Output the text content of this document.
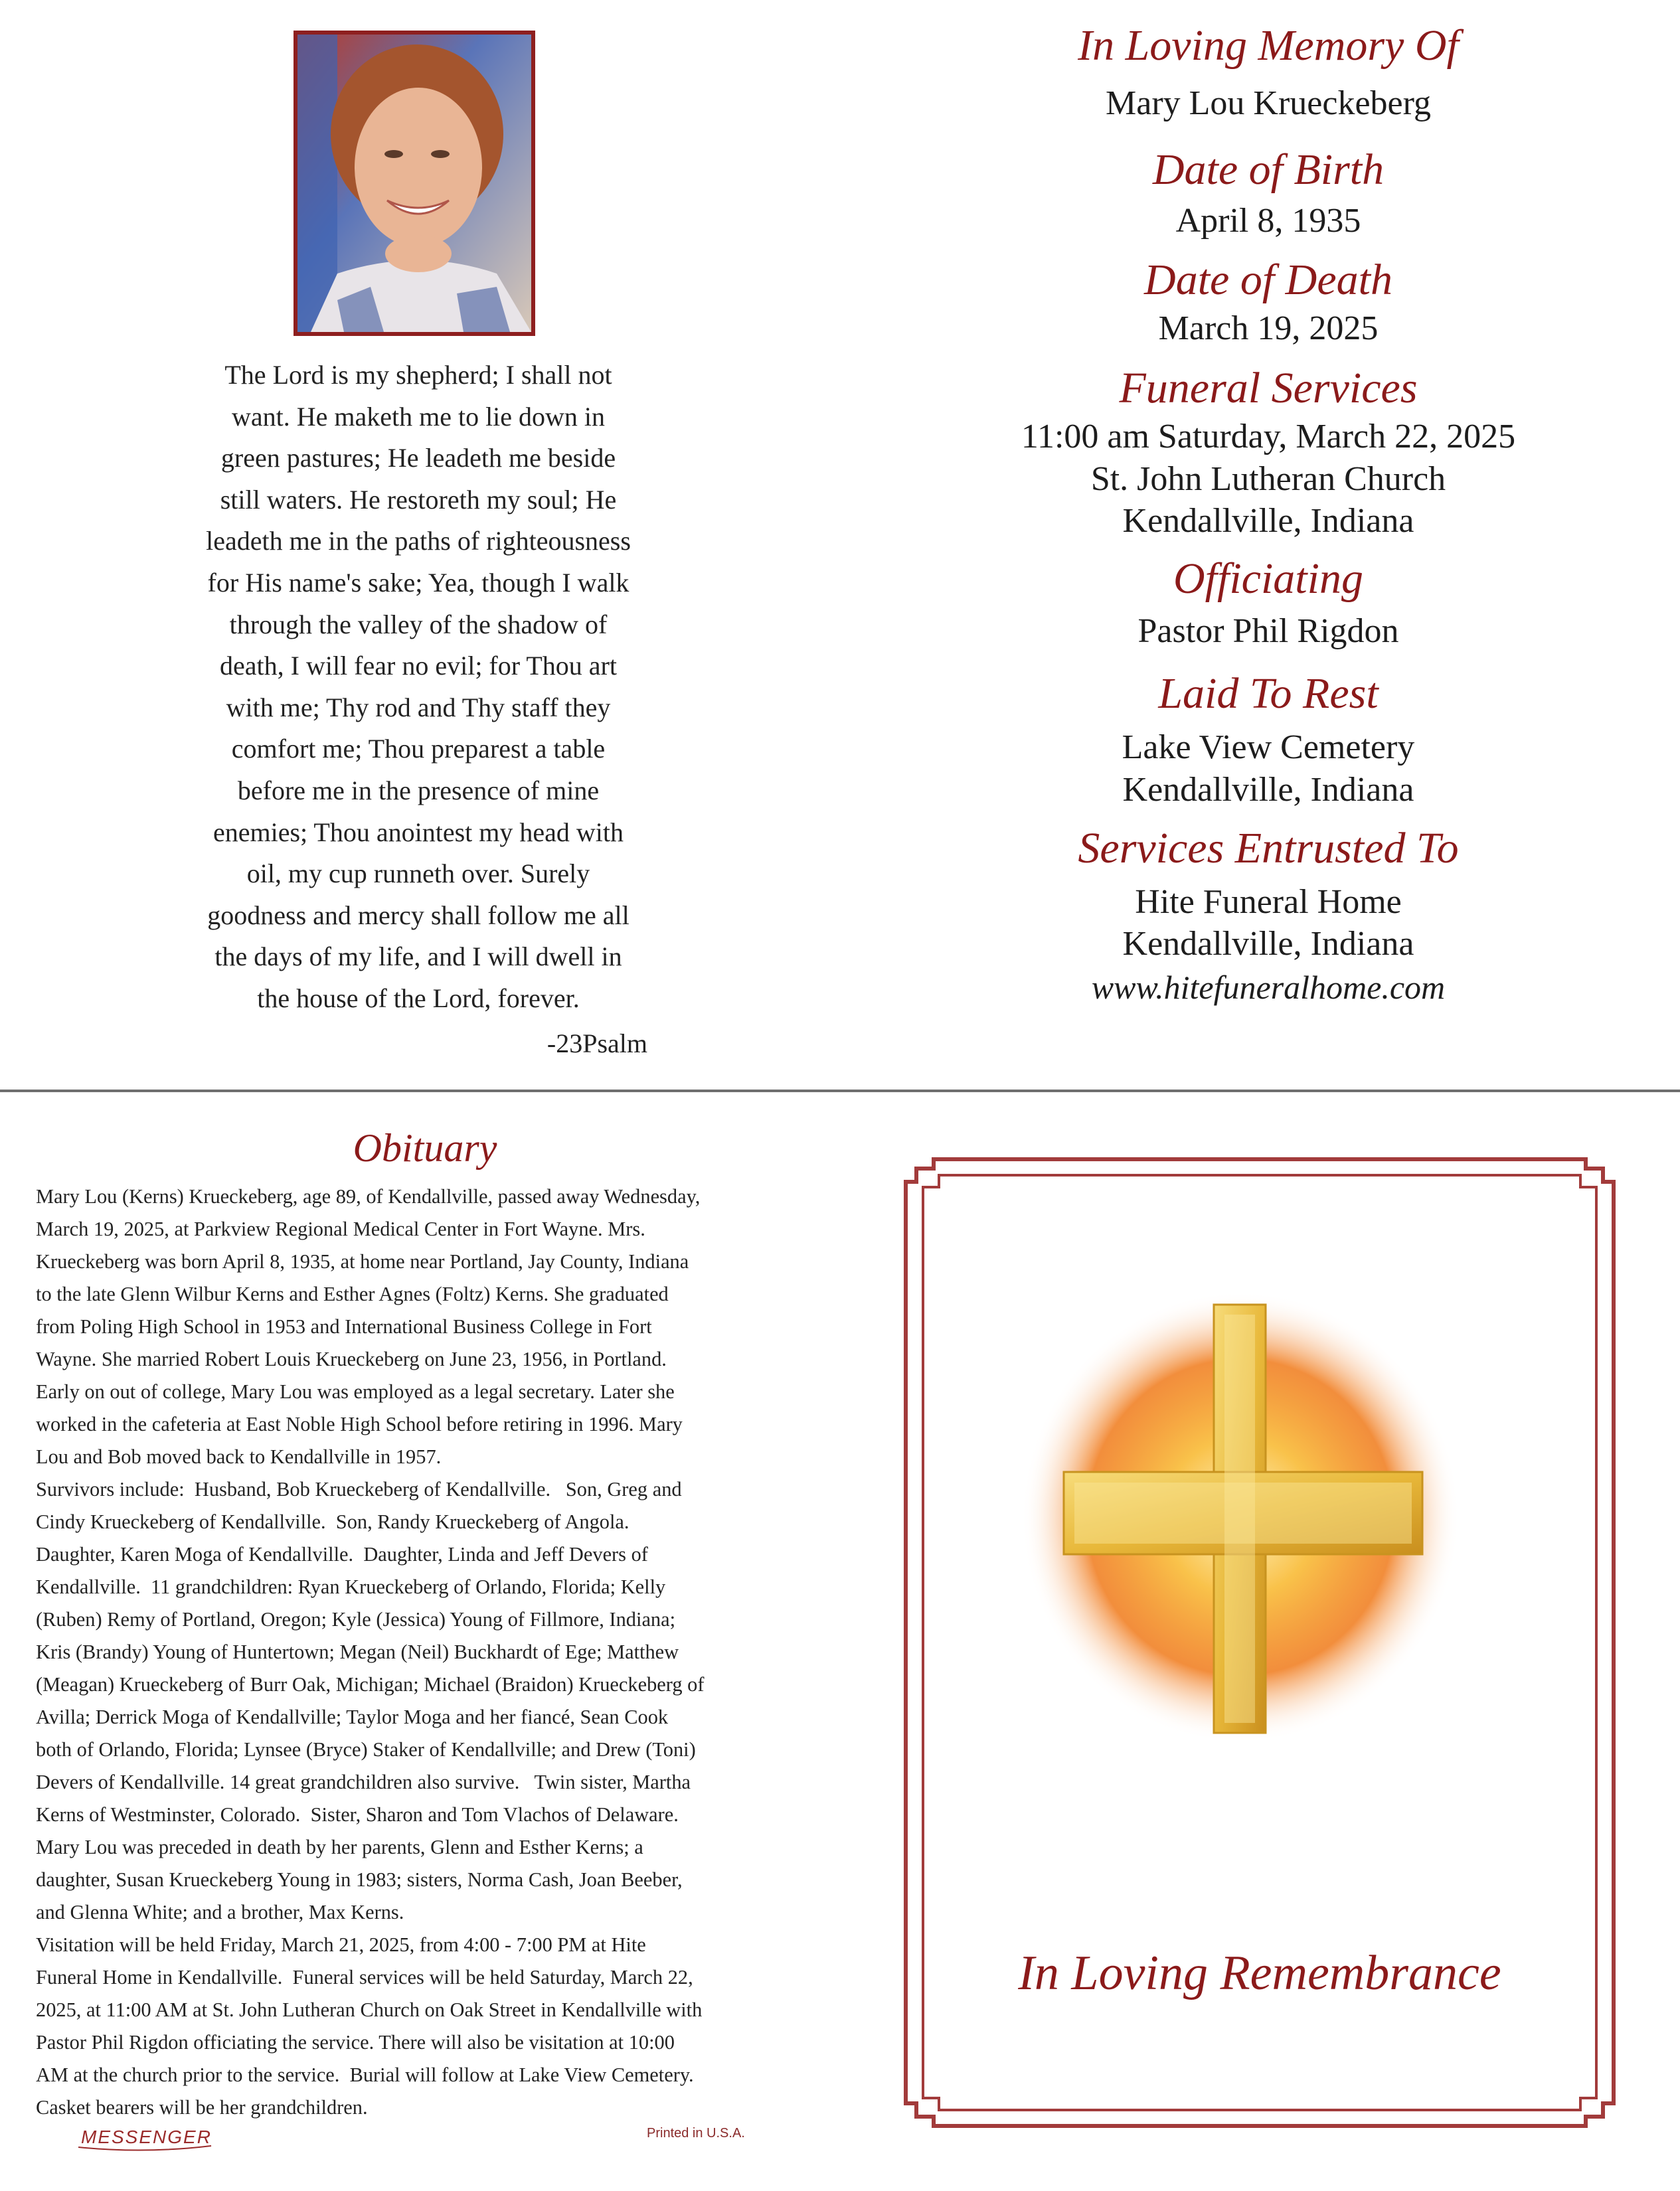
The Lord is my shepherd; I shall not
want. He maketh me to lie down in
green pastures; He leadeth me beside
still waters. He restoreth my soul; He
leadeth me in the paths of righteousness
for His name's sake; Yea, though I walk
through the valley of the shadow of
death, I will fear no evil; for Thou art
with me; Thy rod and Thy staff they
comfort me; Thou preparest a table
before me in the presence of mine
enemies; Thou anointest my head with
oil, my cup runneth over. Surely
goodness and mercy shall follow me all
the days of my life, and I will dwell in
the house of the Lord, forever.
-23Psalm
In Loving Memory Of
Mary Lou Krueckeberg
Date of Birth
April 8, 1935
Date of Death
March 19, 2025
Funeral Services
11:00 am Saturday, March 22, 2025
St. John Lutheran Church
Kendallville, Indiana
Officiating
Pastor Phil Rigdon
Laid To Rest
Lake View Cemetery
Kendallville, Indiana
Services Entrusted To
Hite Funeral Home
Kendallville, Indiana
www.hitefuneralhome.com
Obituary

Mary Lou (Kerns) Krueckeberg, age 89, of Kendallville, passed away Wednesday,

March 19, 2025, at Parkview Regional Medical Center in Fort Wayne. Mrs.

Krueckeberg was born April 8, 1935, at home near Portland, Jay County, Indiana

to the late Glenn Wilbur Kerns and Esther Agnes (Foltz) Kerns. She graduated

from Poling High School in 1953 and International Business College in Fort

Wayne. She married Robert Louis Krueckeberg on June 23, 1956, in Portland.

Early on out of college, Mary Lou was employed as a legal secretary. Later she

worked in the cafeteria at East Noble High School before retiring in 1996. Mary

Lou and Bob moved back to Kendallville in 1957.

Survivors include:  Husband, Bob Krueckeberg of Kendallville.   Son, Greg and

Cindy Krueckeberg of Kendallville.  Son, Randy Krueckeberg of Angola.

Daughter, Karen Moga of Kendallville.  Daughter, Linda and Jeff Devers of

Kendallville.  11 grandchildren: Ryan Krueckeberg of Orlando, Florida; Kelly

(Ruben) Remy of Portland, Oregon; Kyle (Jessica) Young of Fillmore, Indiana;

Kris (Brandy) Young of Huntertown; Megan (Neil) Buckhardt of Ege; Matthew

(Meagan) Krueckeberg of Burr Oak, Michigan; Michael (Braidon) Krueckeberg of

Avilla; Derrick Moga of Kendallville; Taylor Moga and her fiancé, Sean Cook

both of Orlando, Florida; Lynsee (Bryce) Staker of Kendallville; and Drew (Toni)

Devers of Kendallville. 14 great grandchildren also survive.   Twin sister, Martha

Kerns of Westminster, Colorado.  Sister, Sharon and Tom Vlachos of Delaware.

Mary Lou was preceded in death by her parents, Glenn and Esther Kerns; a

daughter, Susan Krueckeberg Young in 1983; sisters, Norma Cash, Joan Beeber,

and Glenna White; and a brother, Max Kerns.

Visitation will be held Friday, March 21, 2025, from 4:00 - 7:00 PM at Hite

Funeral Home in Kendallville.  Funeral services will be held Saturday, March 22,

2025, at 11:00 AM at St. John Lutheran Church on Oak Street in Kendallville with

Pastor Phil Rigdon officiating the service. There will also be visitation at 10:00

AM at the church prior to the service.  Burial will follow at Lake View Cemetery.

Casket bearers will be her grandchildren.

MESSENGER	Printed in U.S.A.
In Loving Remembrance
